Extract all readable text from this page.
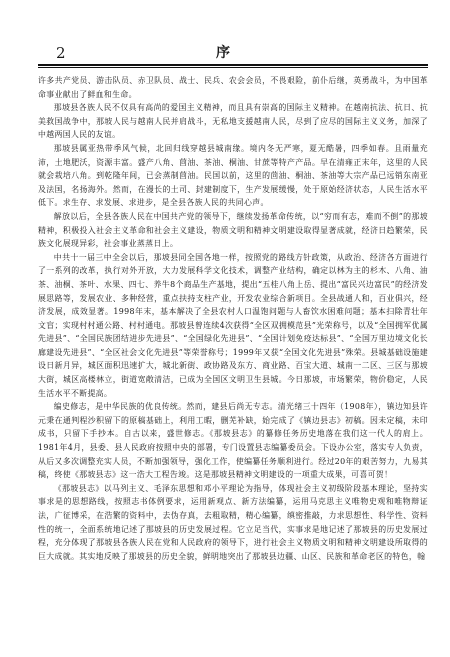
2	序

许多共产党员、游击队员、赤卫队员、战士、民兵、农会会员，不畏艰险，前仆后继，英勇战斗，为中国革命事业献出了鲜血和生命。

那坡县各族人民不仅具有高尚的爱国主义精神，而且具有崇高的国际主义精神。在越南抗法、抗日、抗美救国战争中，那坡人民与越南人民并肩战斗，无私地支援越南人民，尽到了应尽的国际主义义务，加深了中越两国人民的友谊。

那坡县属亚热带季风气候，北回归线穿越县城南缘。境内冬无严寒，夏无酷暑，四季如春。且雨量充沛，土地肥沃，资源丰富。盛产八角、茴油、茶油、桐油、甘蔗等特产产品。早在清雍正末年，这里的人民就会栽培八角。到乾隆年间，已会蒸制茴油。民国以前，这里的茴油、桐油、茶油等大宗产品已远销东南亚及法国，名扬海外。然而，在漫长的土司、封建制度下，生产发展缓慢，处于原始经济状态，人民生活水平低下。求生存、求发展、求进步，是全县各族人民的共同心声。

解放以后，全县各族人民在中国共产党的领导下，继续发扬革命传统，以“穷而有志，难而不倒”的那坡精神，积极投入社会主义革命和社会主义建设，物质文明和精神文明建设取得显著成就，经济日趋繁荣，民族文化展现异彩，社会事业蒸蒸日上。

中共十一届三中全会以后，那坡县同全国各地一样，按照党的路线方针政策，从政治、经济各方面进行了一系列的改革，执行对外开放，大力发展科学文化技术，调整产业结构，确定以林为主的杉木、八角、油茶、油桐、茶叶、水果、四七、养牛8个商品生产基地，提出“五桂八角上岳、提出“富民兴边富民”的经济发展思路等，发展农业、多种经营，重点扶持支柱产业，开发农业综合新项目。全县战通人和，百业俱兴，经济发展，成效显著。1998年末，基本解决了全县农村人口温饱问题与人畜饮水困难问题；基本扫除青壮年文盲；实现村村通公路、村村通电。那坡县曾连续4次获得“全区双拥模范县”光荣称号，以及“全国拥军优属先进县”、“全国民族团结进步先进县”、“全国绿化先进县”、“全国计划免疫达标县”、“全国万里边境文化长廊建设先进县”、“全区社会文化先进县”等荣誉称号；1999年又获“全国文化先进县”殊荣。县城基础设施建设日新月异，城区面积迅速扩大，城北新街、政协路及东方、商业路、百宝大道、城南一二区、三区与那坡大街，城区高楼林立，街道宽敞清洁，已成为全国区文明卫生县城。今日那坡，市场繁荣，物价稳定，人民生活水平不断提高。

编史修志，是中华民族的优良传统。然而，建县后尚无专志。清光绪三十四年（1908年），镇边知县许元秉在通判程沙积留下的原稿基础上，利用工暇，删芜补缺，始完成了《镇边县志》初稿。因未定稿，未印成书，只留下手抄本。自古以来，盛世修志。《那坡县志》的纂修任务历史地落在我们这一代人的肩上。1981年4月，县委、县人民政府按照中央的部署，专门设置县志编纂委员会。下设办公室，落实专人负责，从后又多次调整充实人员，不断加强领导，强化工作，使编纂任务顺利进行。经过20年的艰苦努力，九易其稿，终使《那坡县志》这一浩大工程告竣。这是那坡县精神文明建设的一项重大成果，可喜可贺！

《那坡县志》以马列主义、毛泽东思想和邓小平理论为指导，体现社会主义初级阶段基本理论，坚持实事求是的思想路线，按照志书体例要求，运用新观点、新方法编纂，运用马克思主义唯物史观和唯物辩证法，广征博采，在浩繁的资料中，去伪存真，去粗取精，精心编纂，缜密推敲，力求思想性、科学性、资料性的统一，全面系统地记述了那坡县的历史发展过程。它立足当代，实事求是地记述了那坡县的历史发展过程，充分体现了那坡县各族人民在党和人民政府的领导下，进行社会主义物质文明和精神文明建设所取得的巨大成就。其实地反映了那坡县的历史全貌，鲜明地突出了那坡县边疆、山区、民族和革命老区的特色，翰
